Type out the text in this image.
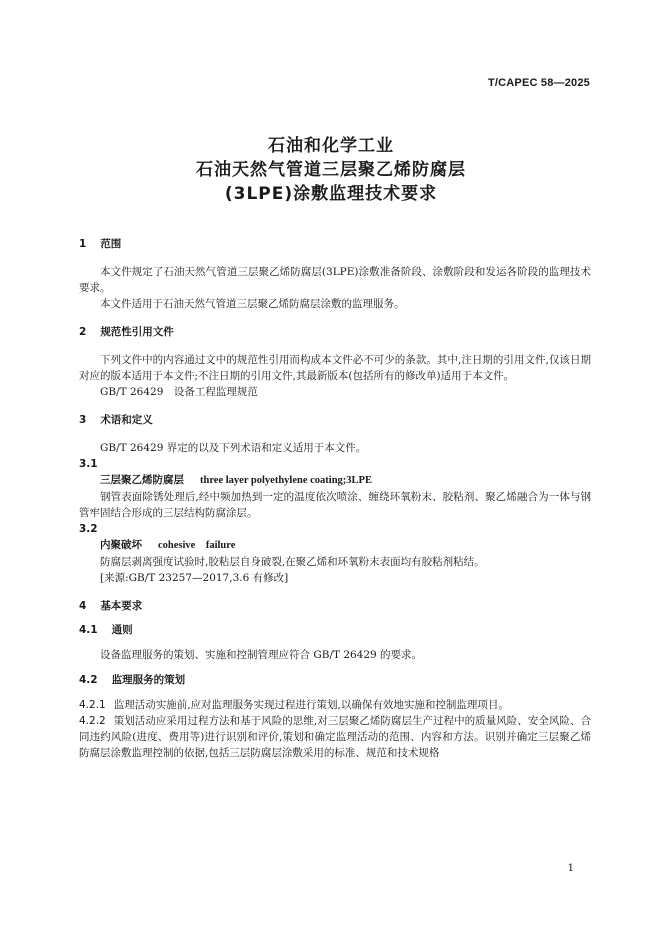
T/CAPEC 58—2025
石油和化学工业
石油天然气管道三层聚乙烯防腐层
(3LPE)涂敷监理技术要求
1 范围

本文件规定了石油天然气管道三层聚乙烯防腐层(3LPE)涂敷准备阶段、涂敷阶段和发运各阶段的监理技术要求。

本文件适用于石油天然气管道三层聚乙烯防腐层涂敷的监理服务。

2 规范性引用文件

下列文件中的内容通过文中的规范性引用而构成本文件必不可少的条款。其中,注日期的引用文件,仅该日期对应的版本适用于本文件;不注日期的引用文件,其最新版本(包括所有的修改单)适用于本文件。

GB/T 26429　设备工程监理规范

3 术语和定义

GB/T 26429 界定的以及下列术语和定义适用于本文件。

3.1
三层聚乙烯防腐层 three layer polyethylene coating;3LPE

钢管表面除锈处理后,经中频加热到一定的温度依次喷涂、缠绕环氧粉末、胶粘剂、聚乙烯融合为一体与钢管牢固结合形成的三层结构防腐涂层。

3.2
内聚破坏 cohesive　failure

防腐层剥离强度试验时,胶粘层自身破裂,在聚乙烯和环氧粉末表面均有胶粘剂粘结。

[来源:GB/T 23257—2017,3.6 有修改]

4 基本要求
4.1 通则

设备监理服务的策划、实施和控制管理应符合 GB/T 26429 的要求。

4.2 监理服务的策划

4.2.1 监理活动实施前,应对监理服务实现过程进行策划,以确保有效地实施和控制监理项目。

4.2.2 策划活动应采用过程方法和基于风险的思维,对三层聚乙烯防腐层生产过程中的质量风险、安全风险、合同违约风险(进度、费用等)进行识别和评价,策划和确定监理活动的范围、内容和方法。识别并确定三层聚乙烯防腐层涂敷监理控制的依据,包括三层防腐层涂敷采用的标准、规范和技术规格

1
